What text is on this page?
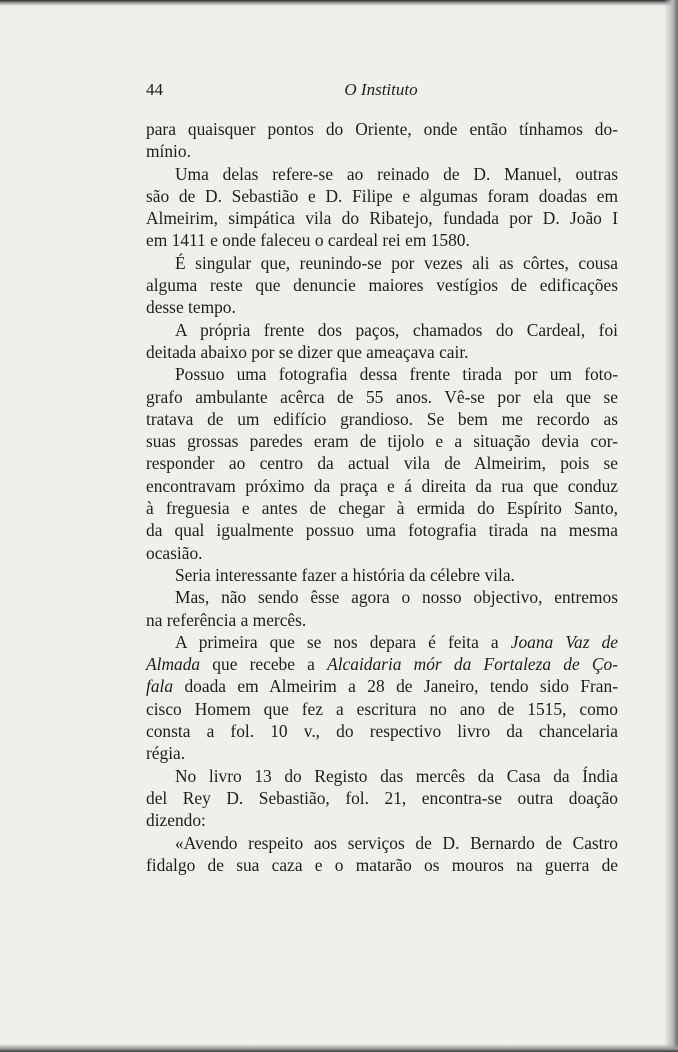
44	O Instituto
para quaisquer pontos do Oriente, onde então tínhamos do-
mínio.
Uma delas refere-se ao reinado de D. Manuel, outras
são de D. Sebastião e D. Filipe e algumas foram doadas em
Almeirim, simpática vila do Ribatejo, fundada por D. João I
em 1411 e onde faleceu o cardeal rei em 1580.
É singular que, reunindo-se por vezes ali as côrtes, cousa
alguma reste que denuncie maiores vestígios de edificações
desse tempo.
A própria frente dos paços, chamados do Cardeal, foi
deitada abaixo por se dizer que ameaçava cair.
Possuo uma fotografia dessa frente tirada por um foto-
grafo ambulante acêrca de 55 anos. Vê-se por ela que se
tratava de um edifício grandioso. Se bem me recordo as
suas grossas paredes eram de tijolo e a situação devia cor-
responder ao centro da actual vila de Almeirim, pois se
encontravam próximo da praça e á direita da rua que conduz
à freguesia e antes de chegar à ermida do Espírito Santo,
da qual igualmente possuo uma fotografia tirada na mesma
ocasião.
Seria interessante fazer a história da célebre vila.
Mas, não sendo êsse agora o nosso objectivo, entremos
na referência a mercês.
A primeira que se nos depara é feita a Joana Vaz de
Almada que recebe a Alcaidaria mór da Fortaleza de Ço-
fala doada em Almeirim a 28 de Janeiro, tendo sido Fran-
cisco Homem que fez a escritura no ano de 1515, como
consta a fol. 10 v., do respectivo livro da chancelaria
régia.
No livro 13 do Registo das mercês da Casa da Índia
del Rey D. Sebastião, fol. 21, encontra-se outra doação
dizendo:
«Avendo respeito aos serviços de D. Bernardo de Castro
fidalgo de sua caza e o matarão os mouros na guerra de
